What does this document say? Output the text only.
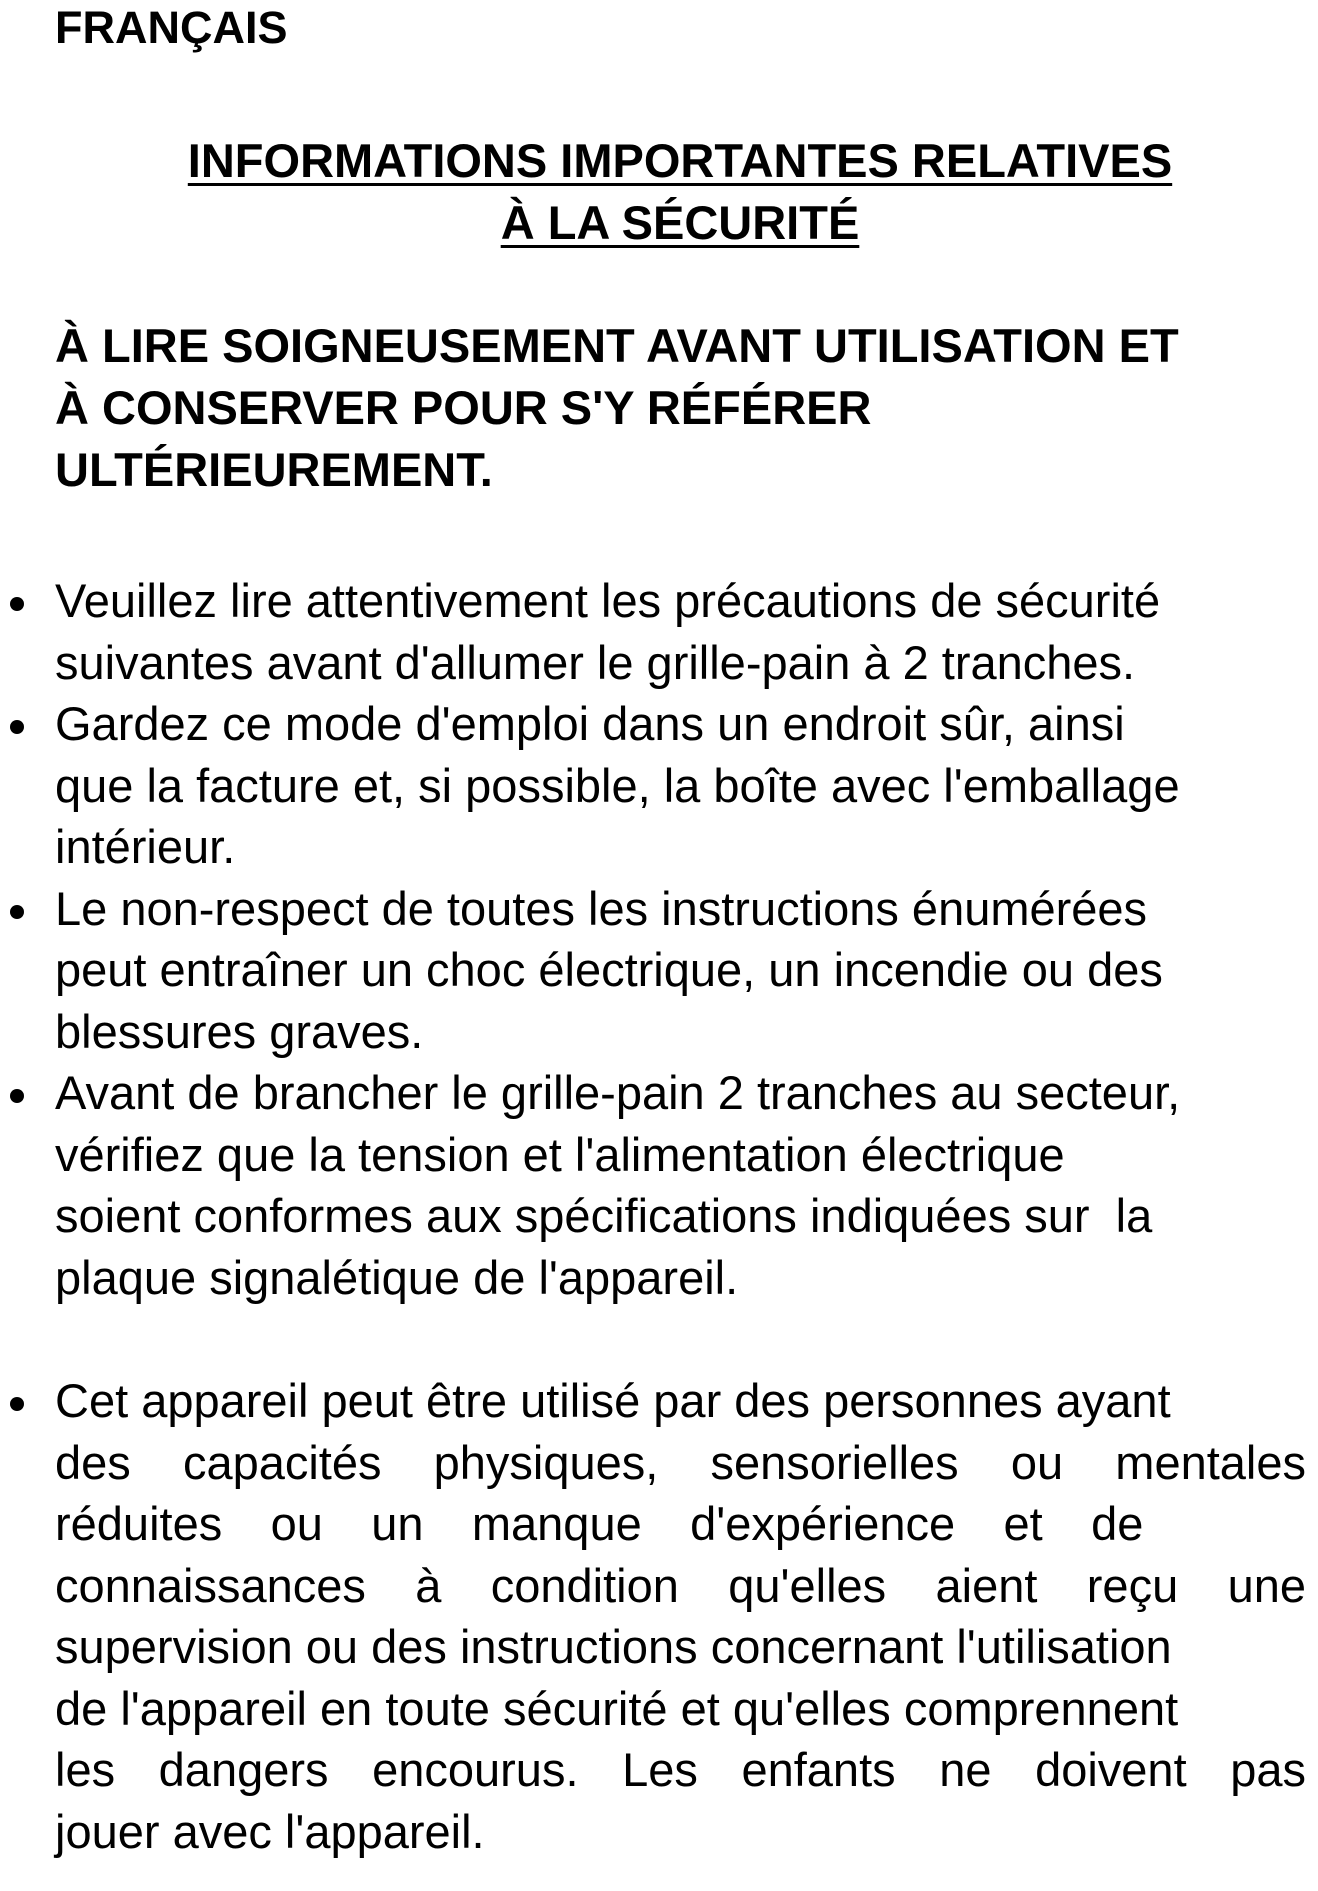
FRANÇAIS
INFORMATIONS IMPORTANTES RELATIVES
À LA SÉCURITÉ

À LIRE SOIGNEUSEMENT AVANT UTILISATION ET
À CONSERVER POUR S'Y RÉFÉRER
ULTÉRIEUREMENT.

Veuillez lire attentivement les précautions de sécurité
suivantes avant d'allumer le grille-pain à 2 tranches.
Gardez ce mode d'emploi dans un endroit sûr, ainsi
que la facture et, si possible, la boîte avec l'emballage
intérieur.
Le non-respect de toutes les instructions énumérées
peut entraîner un choc électrique, un incendie ou des
blessures graves.
Avant de brancher le grille-pain 2 tranches au secteur,
vérifiez que la tension et l'alimentation électrique
soient conformes aux spécifications indiquées sur  la
plaque signalétique de l'appareil.
Cet appareil peut être utilisé par des personnes ayant
des capacités physiques, sensorielles ou mentales
réduites ou un manque d'expérience et de
connaissances à condition qu'elles aient reçu une
supervision ou des instructions concernant l'utilisation
de l'appareil en toute sécurité et qu'elles comprennent
les dangers encourus. Les enfants ne doivent pas
jouer avec l'appareil.
